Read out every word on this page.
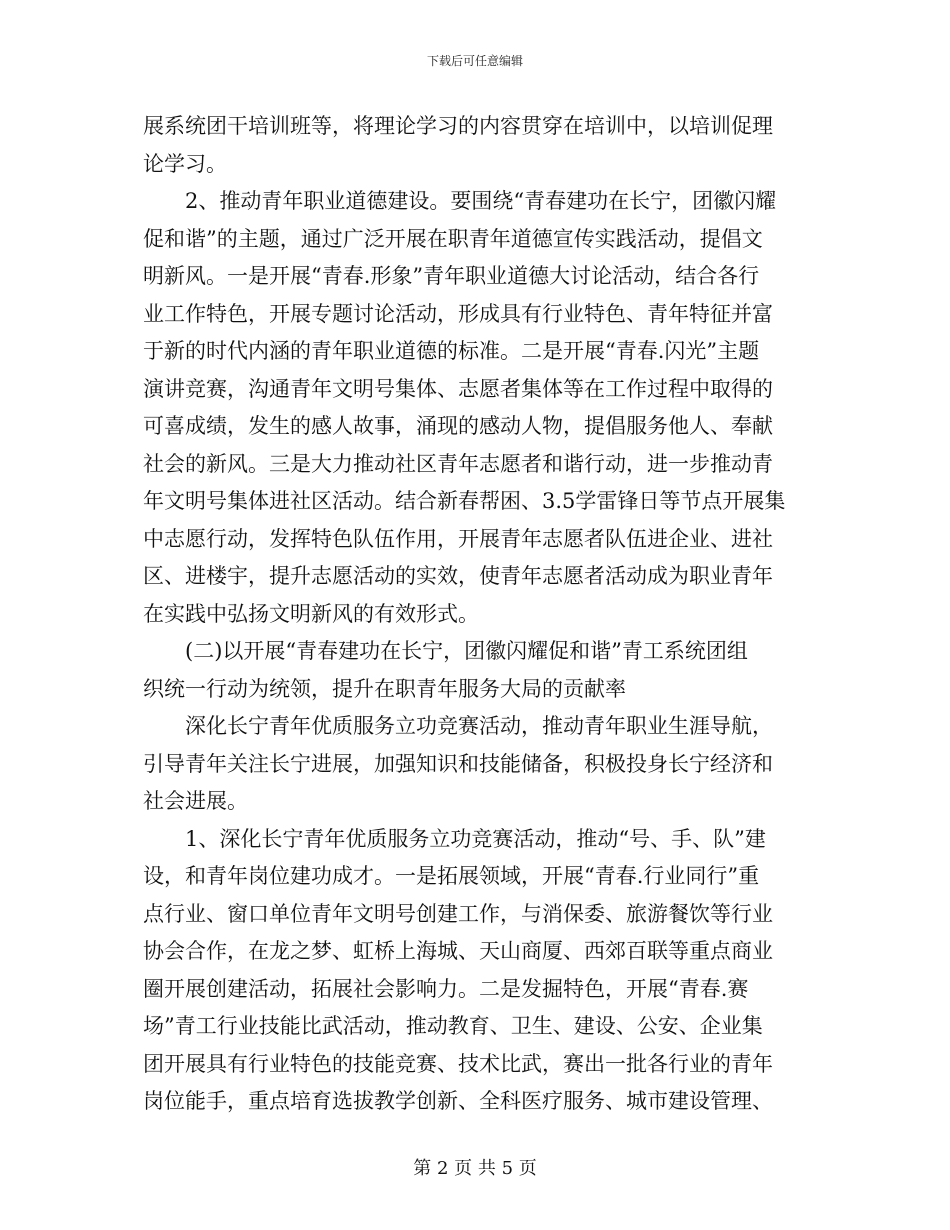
下载后可任意编辑
展系统团干培训班等，将理论学习的内容贯穿在培训中，以培训促理
论学习。
2、推动青年职业道德建设。要围绕“青春建功在长宁，团徽闪耀
促和谐”的主题，通过广泛开展在职青年道德宣传实践活动，提倡文
明新风。一是开展“青春.形象”青年职业道德大讨论活动，结合各行
业工作特色，开展专题讨论活动，形成具有行业特色、青年特征并富
于新的时代内涵的青年职业道德的标准。二是开展“青春.闪光”主题
演讲竞赛，沟通青年文明号集体、志愿者集体等在工作过程中取得的
可喜成绩，发生的感人故事，涌现的感动人物，提倡服务他人、奉献
社会的新风。三是大力推动社区青年志愿者和谐行动，进一步推动青
年文明号集体进社区活动。结合新春帮困、3.5学雷锋日等节点开展集
中志愿行动，发挥特色队伍作用，开展青年志愿者队伍进企业、进社
区、进楼宇，提升志愿活动的实效，使青年志愿者活动成为职业青年
在实践中弘扬文明新风的有效形式。
(二)以开展“青春建功在长宁，团徽闪耀促和谐”青工系统团组
织统一行动为统领，提升在职青年服务大局的贡献率
深化长宁青年优质服务立功竞赛活动，推动青年职业生涯导航，
引导青年关注长宁进展，加强知识和技能储备，积极投身长宁经济和
社会进展。
1、深化长宁青年优质服务立功竞赛活动，推动“号、手、队”建
设，和青年岗位建功成才。一是拓展领域，开展“青春.行业同行”重
点行业、窗口单位青年文明号创建工作，与消保委、旅游餐饮等行业
协会合作，在龙之梦、虹桥上海城、天山商厦、西郊百联等重点商业
圈开展创建活动，拓展社会影响力。二是发掘特色，开展“青春.赛
场”青工行业技能比武活动，推动教育、卫生、建设、公安、企业集
团开展具有行业特色的技能竞赛、技术比武，赛出一批各行业的青年
岗位能手，重点培育选拔教学创新、全科医疗服务、城市建设管理、
第 2 页 共 5 页
